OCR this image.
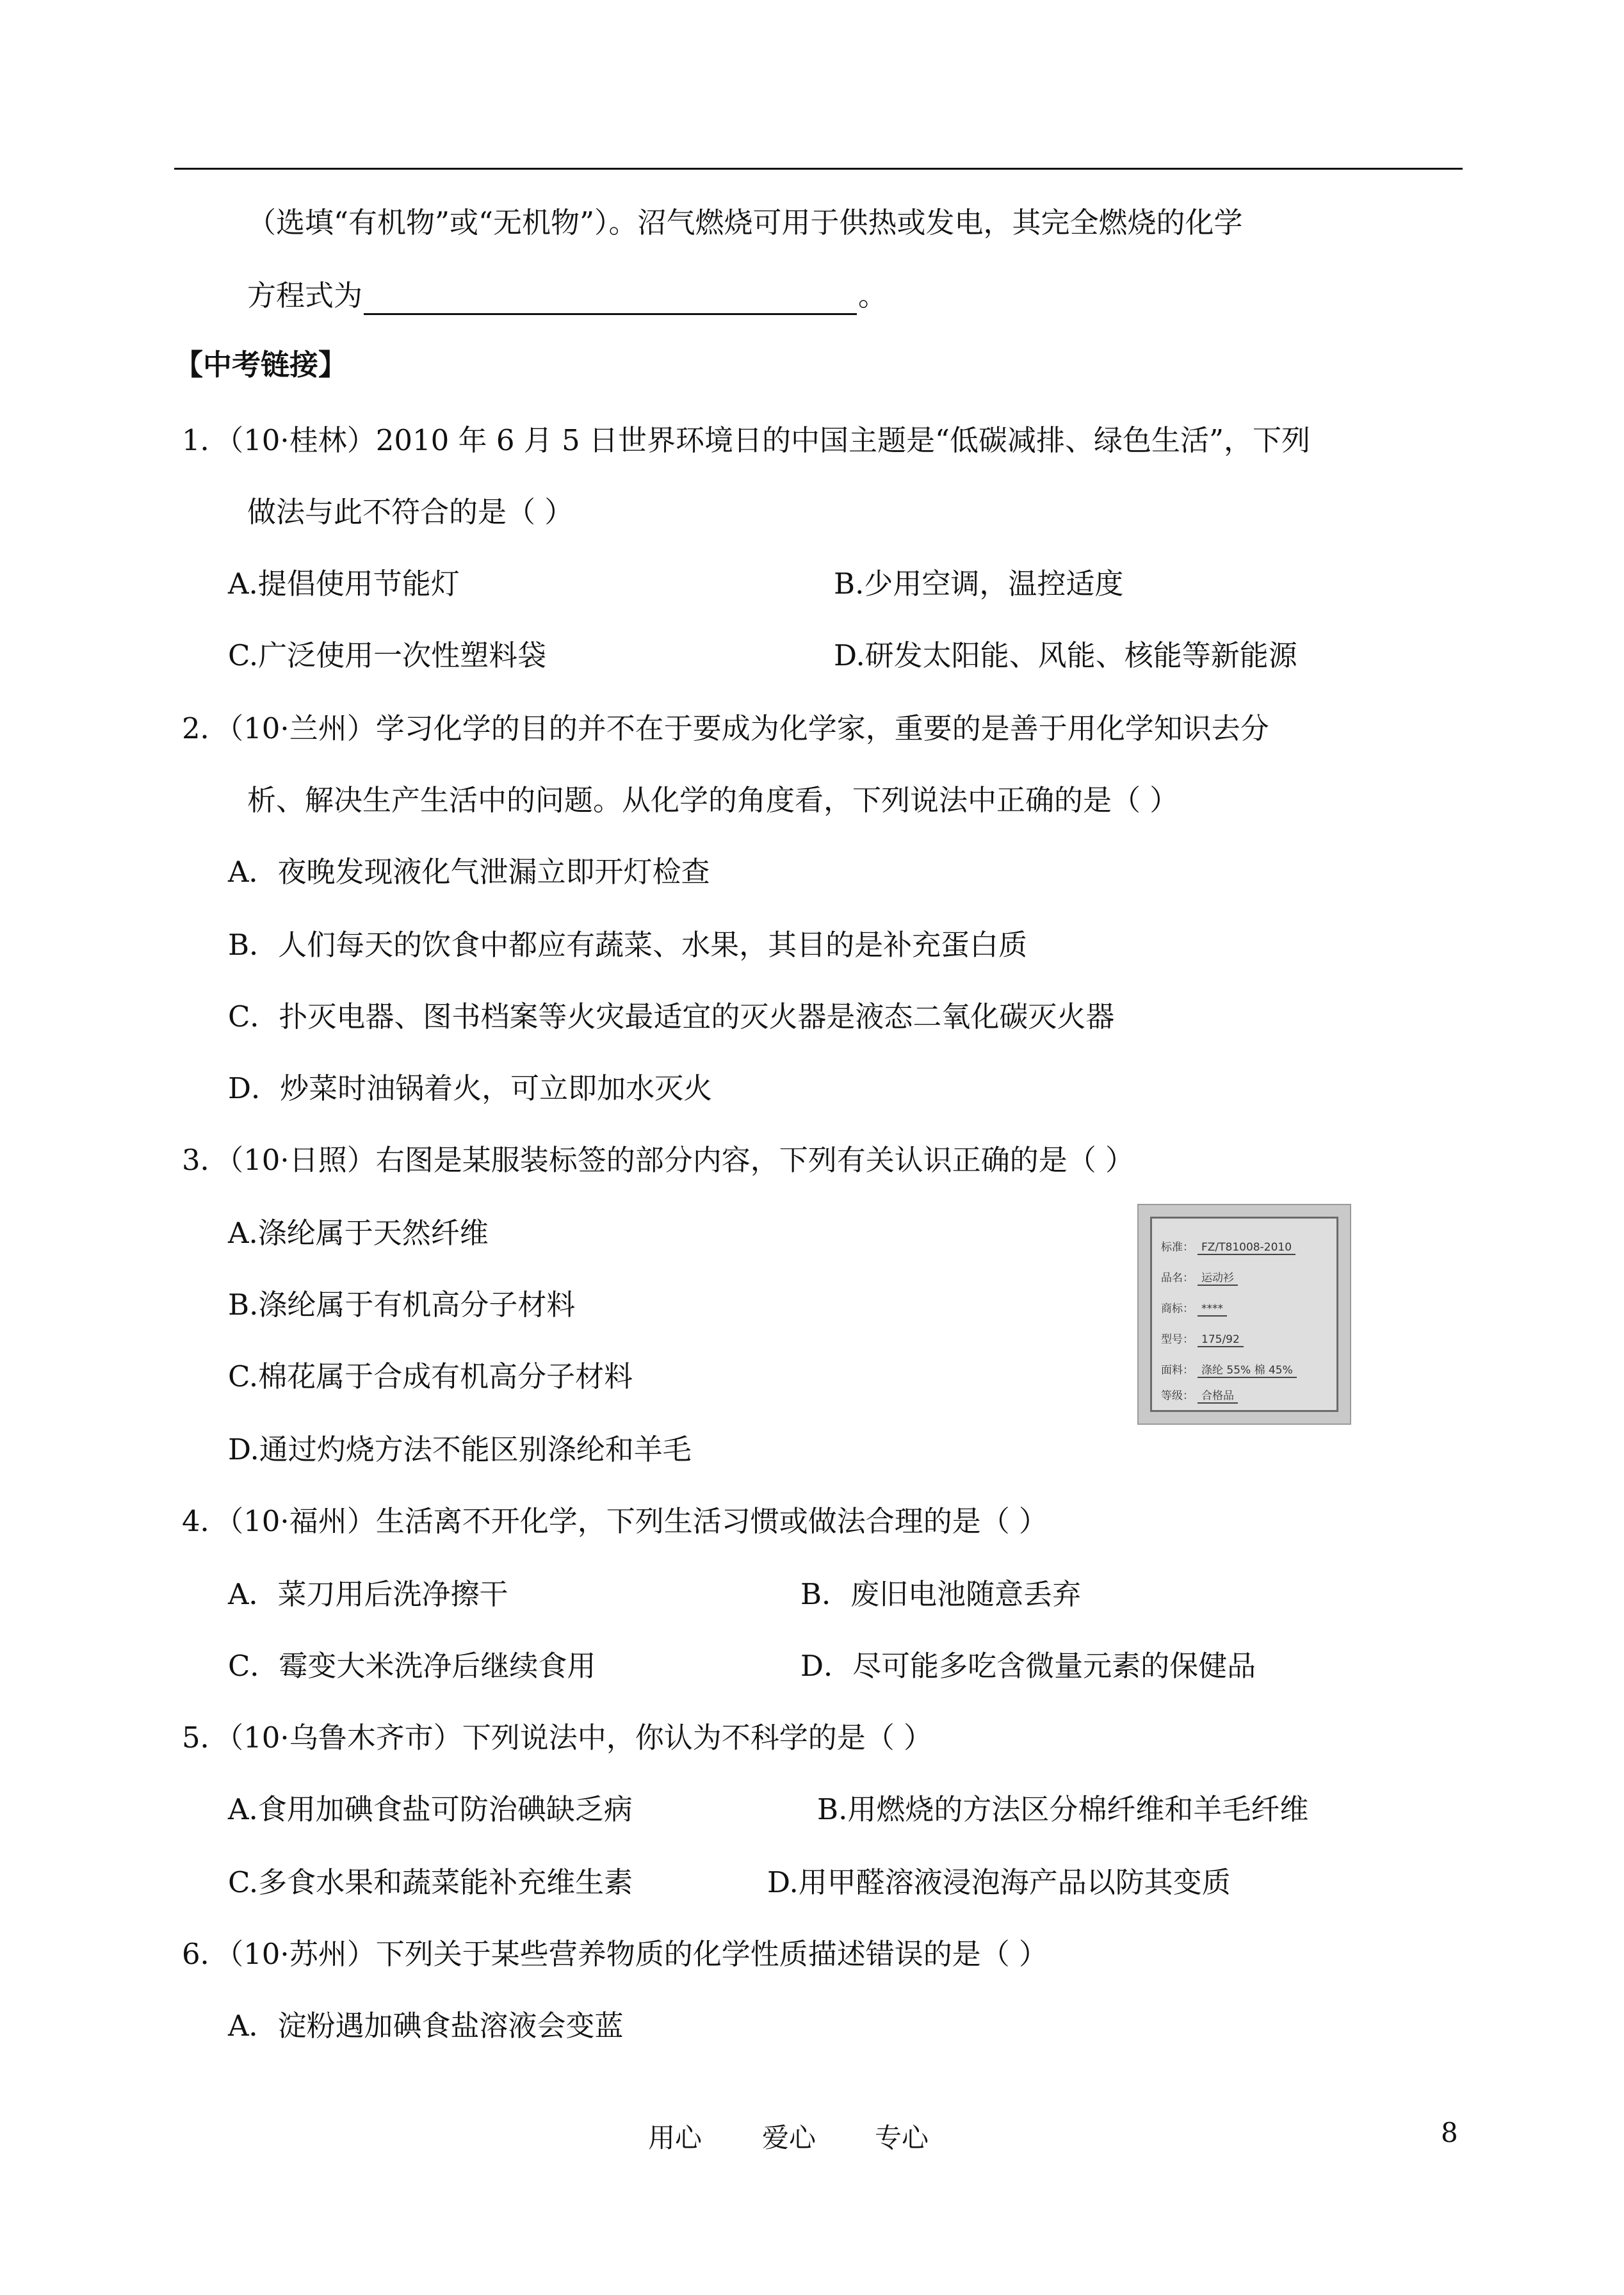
（选填“有机物”或“无机物”）。沼气燃烧可用于供热或发电，其完全燃烧的化学
方程式为	。
【中考链接】
1．（10·桂林）2010 年 6 月 5 日世界环境日的中国主题是“低碳减排、绿色生活”，下列
做法与此不符合的是（ ）
A.提倡使用节能灯	B.少用空调，温控适度
C.广泛使用一次性塑料袋	D.研发太阳能、风能、核能等新能源
2．（10·兰州）学习化学的目的并不在于要成为化学家，重要的是善于用化学知识去分
析、解决生产生活中的问题。从化学的角度看，下列说法中正确的是（ ）
A．夜晚发现液化气泄漏立即开灯检查
B．人们每天的饮食中都应有蔬菜、水果，其目的是补充蛋白质
C．扑灭电器、图书档案等火灾最适宜的灭火器是液态二氧化碳灭火器
D．炒菜时油锅着火，可立即加水灭火
3．（10·日照）右图是某服装标签的部分内容，下列有关认识正确的是（ ）
A.涤纶属于天然纤维
B.涤纶属于有机高分子材料
C.棉花属于合成有机高分子材料
D.通过灼烧方法不能区别涤纶和羊毛
标准： FZ/T81008-2010
品名： 运动衫
商标： ****
型号： 175/92
面料： 涤纶 55% 棉 45%
等级： 合格品
4．（10·福州）生活离不开化学，下列生活习惯或做法合理的是（ ）
A．菜刀用后洗净擦干	B．废旧电池随意丢弃
C．霉变大米洗净后继续食用	D．尽可能多吃含微量元素的保健品
5．（10·乌鲁木齐市）下列说法中，你认为不科学的是（ ）
A.食用加碘食盐可防治碘缺乏病	B.用燃烧的方法区分棉纤维和羊毛纤维
C.多食水果和蔬菜能补充维生素	D.用甲醛溶液浸泡海产品以防其变质
6．（10·苏州）下列关于某些营养物质的化学性质描述错误的是（ ）
A．淀粉遇加碘食盐溶液会变蓝
用心 爱心 专心	8
